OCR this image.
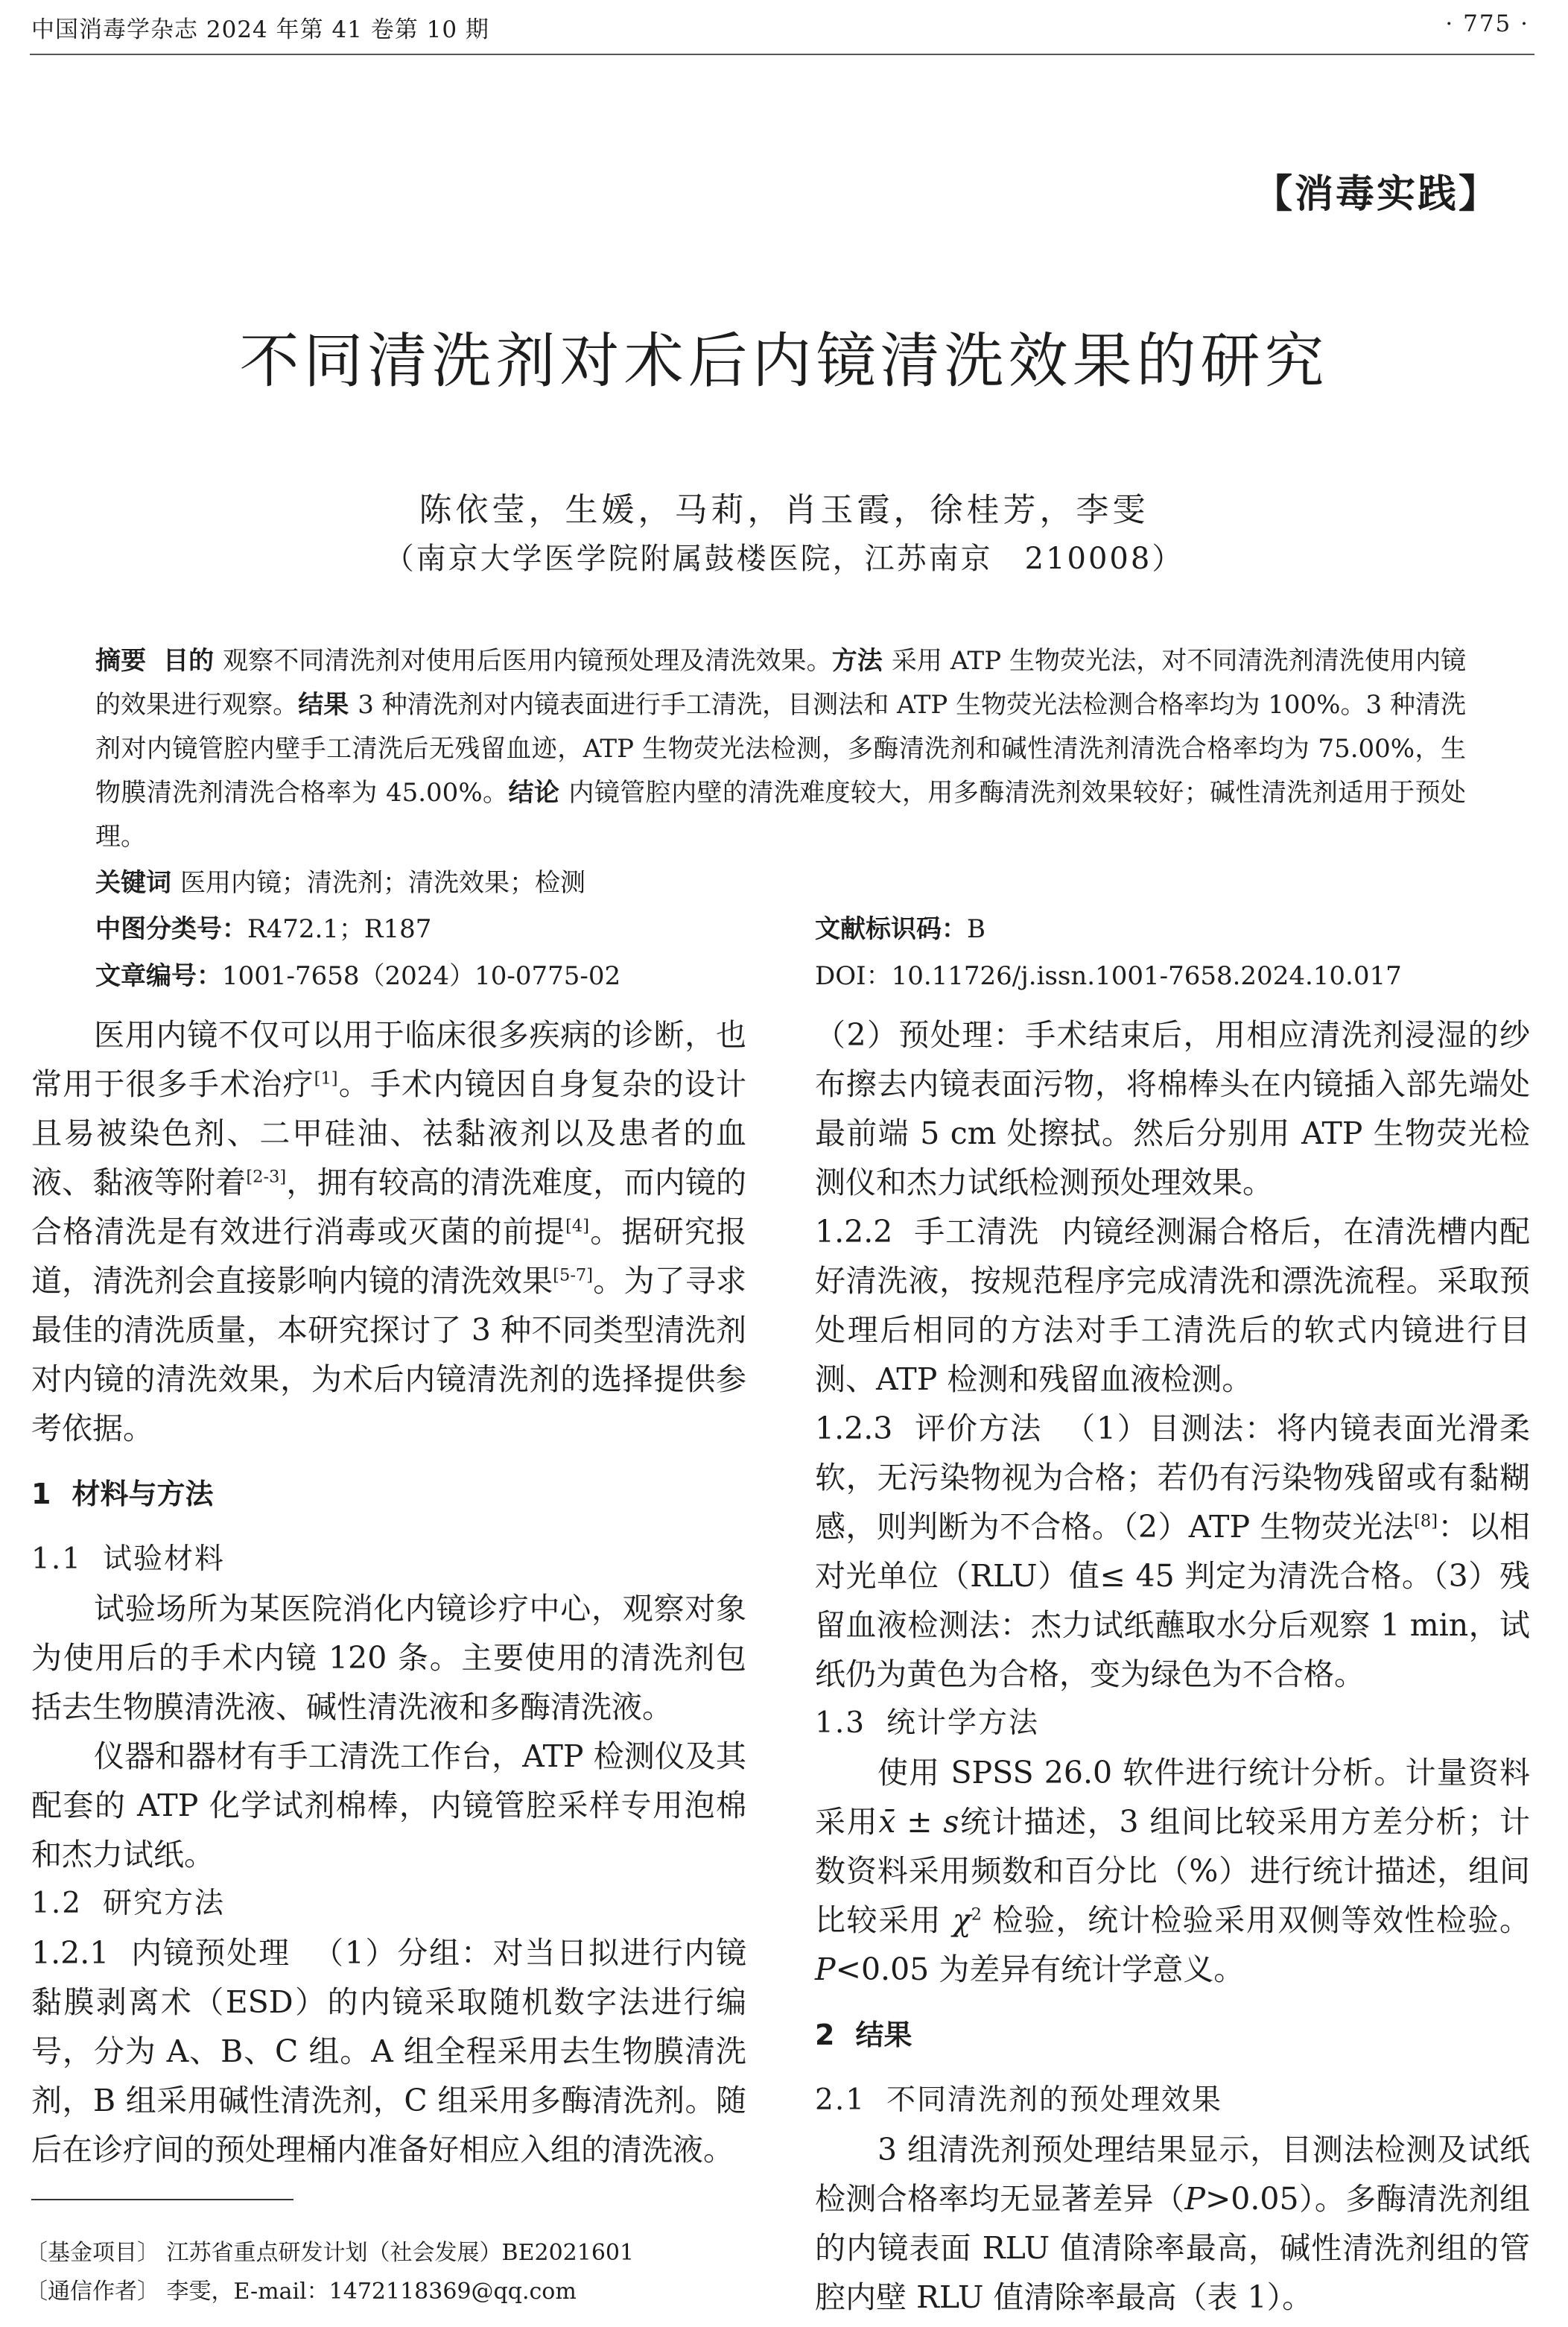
中国消毒学杂志 2024 年第 41 卷第 10 期	· 775 ·
【消毒实践】
不同清洗剂对术后内镜清洗效果的研究
陈依莹，生媛，马莉，肖玉霞，徐桂芳，李雯
（南京大学医学院附属鼓楼医院，江苏南京　210008）

摘要 目的 观察不同清洗剂对使用后医用内镜预处理及清洗效果。方法 采用 ATP 生物荧光法，对不同清洗剂清洗使用内镜的效果进行观察。结果 3 种清洗剂对内镜表面进行手工清洗，目测法和 ATP 生物荧光法检测合格率均为 100%。3 种清洗剂对内镜管腔内壁手工清洗后无残留血迹，ATP 生物荧光法检测，多酶清洗剂和碱性清洗剂清洗合格率均为 75.00%，生物膜清洗剂清洗合格率为 45.00%。结论 内镜管腔内壁的清洗难度较大，用多酶清洗剂效果较好；碱性清洗剂适用于预处理。

关键词 医用内镜；清洗剂；清洗效果；检测

中图分类号：R472.1；R187	文献标识码：B

文章编号：1001-7658（2024）10-0775-02	DOI：10.11726/j.issn.1001-7658.2024.10.017

医用内镜不仅可以用于临床很多疾病的诊断，也常用于很多手术治疗[1]。手术内镜因自身复杂的设计且易被染色剂、二甲硅油、祛黏液剂以及患者的血液、黏液等附着[2-3]，拥有较高的清洗难度，而内镜的合格清洗是有效进行消毒或灭菌的前提[4]。据研究报道，清洗剂会直接影响内镜的清洗效果[5-7]。为了寻求最佳的清洗质量，本研究探讨了 3 种不同类型清洗剂对内镜的清洗效果，为术后内镜清洗剂的选择提供参考依据。

1 材料与方法
1.1 试验材料

试验场所为某医院消化内镜诊疗中心，观察对象为使用后的手术内镜 120 条。主要使用的清洗剂包括去生物膜清洗液、碱性清洗液和多酶清洗液。

仪器和器材有手工清洗工作台，ATP 检测仪及其配套的 ATP 化学试剂棉棒，内镜管腔采样专用泡棉和杰力试纸。

1.2 研究方法

1.2.1 内镜预处理 （1）分组：对当日拟进行内镜黏膜剥离术（ESD）的内镜采取随机数字法进行编号，分为 A、B、C 组。A 组全程采用去生物膜清洗剂，B 组采用碱性清洗剂，C 组采用多酶清洗剂。随后在诊疗间的预处理桶内准备好相应入组的清洗液。

（2）预处理：手术结束后，用相应清洗剂浸湿的纱布擦去内镜表面污物，将棉棒头在内镜插入部先端处最前端 5 cm 处擦拭。然后分别用 ATP 生物荧光检测仪和杰力试纸检测预处理效果。

1.2.2 手工清洗 内镜经测漏合格后，在清洗槽内配好清洗液，按规范程序完成清洗和漂洗流程。采取预处理后相同的方法对手工清洗后的软式内镜进行目测、ATP 检测和残留血液检测。

1.2.3 评价方法 （1）目测法：将内镜表面光滑柔软，无污染物视为合格；若仍有污染物残留或有黏糊感，则判断为不合格。（2）ATP 生物荧光法[8]：以相对光单位（RLU）值≤ 45 判定为清洗合格。（3）残留血液检测法：杰力试纸蘸取水分后观察 1 min，试纸仍为黄色为合格，变为绿色为不合格。

1.3 统计学方法

使用 SPSS 26.0 软件进行统计分析。计量资料采用x̄ ± s统计描述，3 组间比较采用方差分析；计数资料采用频数和百分比（%）进行统计描述，组间比较采用 $\chi^2$ 检验，统计检验采用双侧等效性检验。P<0.05 为差异有统计学意义。

2 结果
2.1 不同清洗剂的预处理效果

3 组清洗剂预处理结果显示，目测法检测及试纸检测合格率均无显著差异（P>0.05）。多酶清洗剂组的内镜表面 RLU 值清除率最高，碱性清洗剂组的管腔内壁 RLU 值清除率最高（表 1）。

〔基金项目〕 江苏省重点研发计划（社会发展）BE2021601
〔通信作者〕 李雯，E-mail：1472118369@qq.com
